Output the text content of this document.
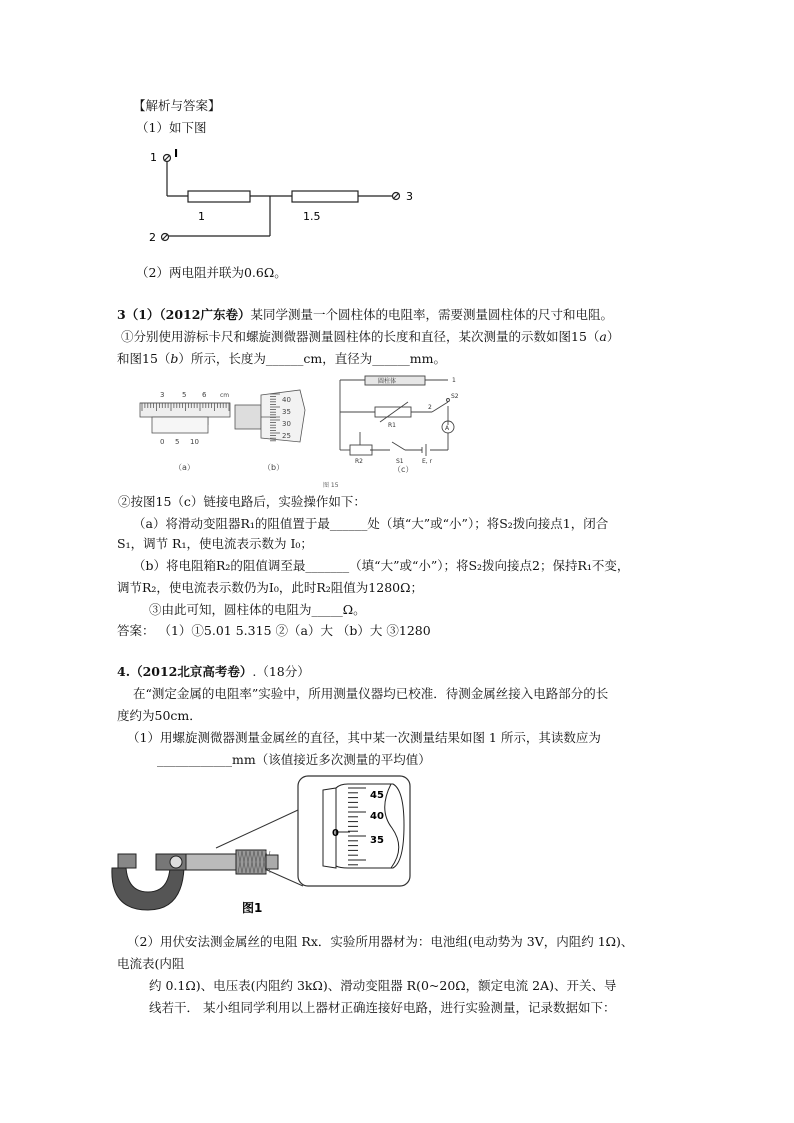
【解析与答案】
（1）如下图
1 I
2
3
1	1.5
（2）两电阻并联为0.6Ω。
3（1）（2012广东卷）某同学测量一个圆柱体的电阻率，需要测量圆柱体的尺寸和电阻。
①分别使用游标卡尺和螺旋测微器测量圆柱体的长度和直径，某次测量的示数如图15（a）
和图15（b）所示，长度为______cm，直径为______mm。
3	5 6 cm
0 5 10
（a）
40
35
30
25
（b）
圆柱体	1
2
S2
R1	A
R2	S1	E, r
（c）
图 15
②按图15（c）链接电路后，实验操作如下：
（a）将滑动变阻器R₁的阻值置于最______处（填“大”或“小”）；将S₂拨向接点1，闭合
S₁，调节 R₁，使电流表示数为 I₀；
（b）将电阻箱R₂的阻值调至最_______（填“大”或“小”）；将S₂拨向接点2；保持R₁不变，
调节R₂，使电流表示数仍为I₀，此时R₂阻值为1280Ω；
③由此可知，圆柱体的电阻为_____Ω。
答案： （1）①5.01 5.315 ②（a）大 （b）大 ③1280
4.（2012北京高考卷）.（18分）
在“测定金属的电阻率”实验中，所用测量仪器均已校准．待测金属丝接入电路部分的长
度约为50cm．
（1）用螺旋测微器测量金属丝的直径，其中某一次测量结果如图 1 所示，其读数应为
____________mm（该值接近多次测量的平均值）
45
40
35
0
图1
（2）用伏安法测金属丝的电阻 Rx．实验所用器材为：电池组(电动势为 3V，内阻约 1Ω)、
电流表(内阻
约 0.1Ω)、电压表(内阻约 3kΩ)、滑动变阻器 R(0~20Ω，额定电流 2A)、开关、导
线若干． 某小组同学利用以上器材正确连接好电路，进行实验测量，记录数据如下：
